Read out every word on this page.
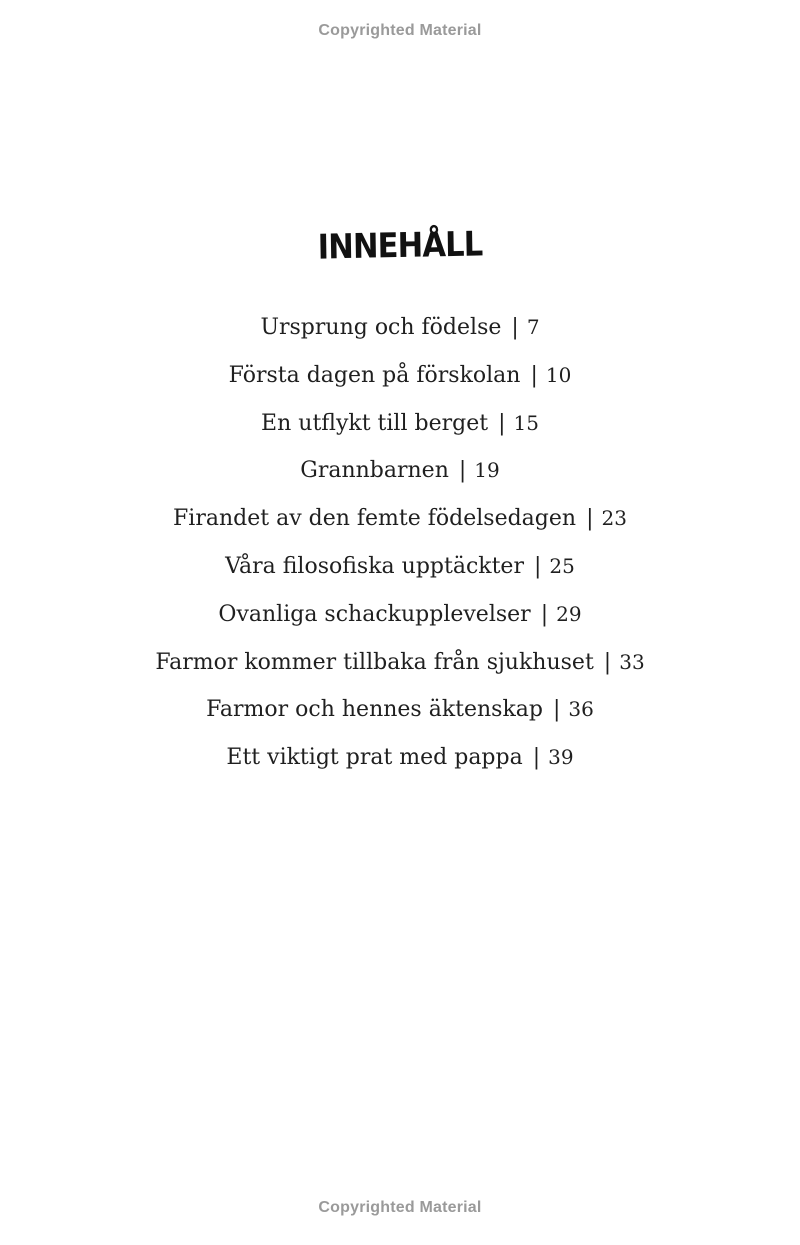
Copyrighted Material
INNEHÅLL
Ursprung och födelse | 7
Första dagen på förskolan | 10
En utflykt till berget | 15
Grannbarnen | 19
Firandet av den femte födelsedagen | 23
Våra filosofiska upptäckter | 25
Ovanliga schackupplevelser | 29
Farmor kommer tillbaka från sjukhuset | 33
Farmor och hennes äktenskap | 36
Ett viktigt prat med pappa | 39
Copyrighted Material
